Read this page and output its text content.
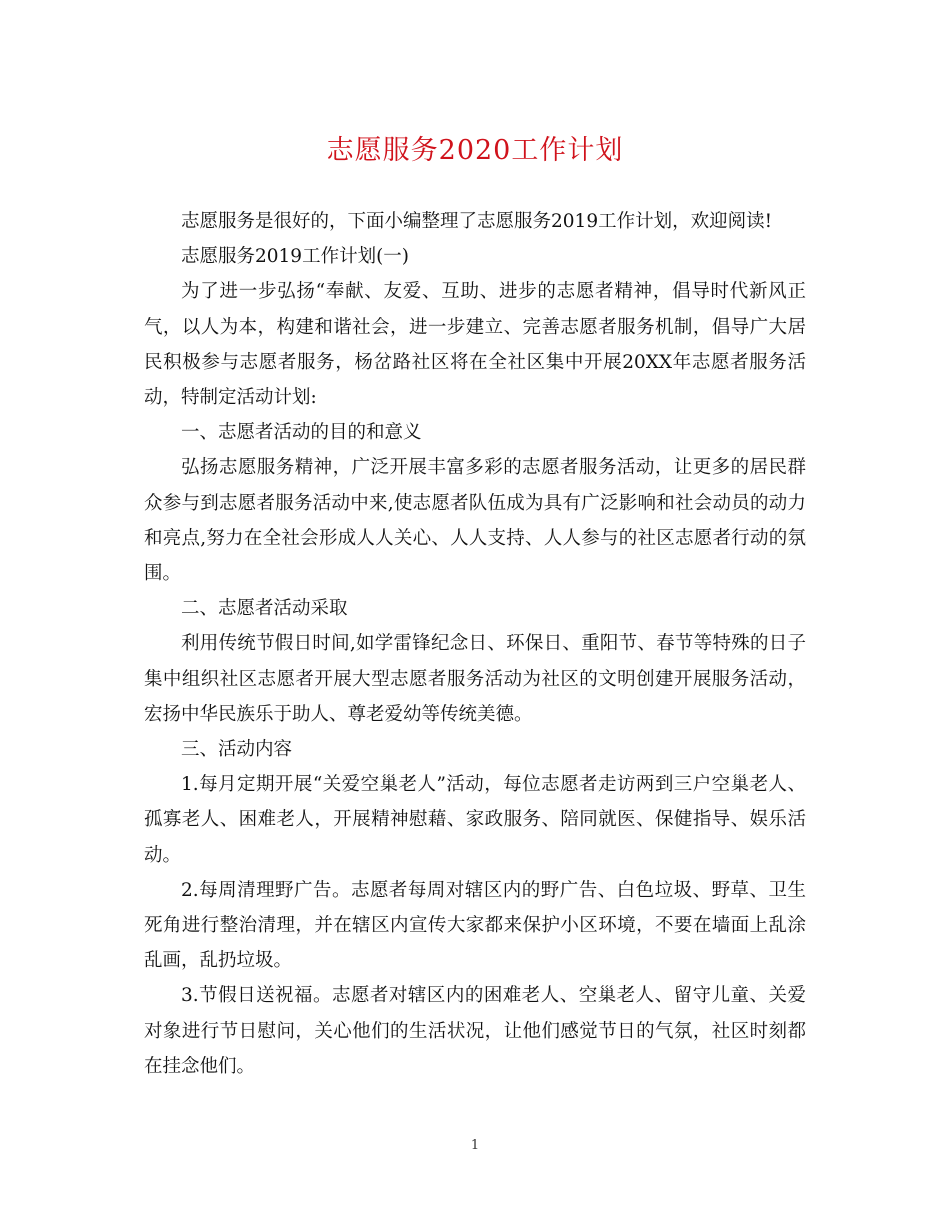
志愿服务2020工作计划

志愿服务是很好的，下面小编整理了志愿服务2019工作计划，欢迎阅读!

志愿服务2019工作计划(一)

为了进一步弘扬“奉献、友爱、互助、进步的志愿者精神，倡导时代新风正气，以人为本，构建和谐社会，进一步建立、完善志愿者服务机制，倡导广大居民积极参与志愿者服务，杨岔路社区将在全社区集中开展20XX年志愿者服务活动，特制定活动计划:

一、志愿者活动的目的和意义

弘扬志愿服务精神，广泛开展丰富多彩的志愿者服务活动，让更多的居民群众参与到志愿者服务活动中来,使志愿者队伍成为具有广泛影响和社会动员的动力和亮点,努力在全社会形成人人关心、人人支持、人人参与的社区志愿者行动的氛围。

二、志愿者活动采取

利用传统节假日时间,如学雷锋纪念日、环保日、重阳节、春节等特殊的日子集中组织社区志愿者开展大型志愿者服务活动为社区的文明创建开展服务活动，宏扬中华民族乐于助人、尊老爱幼等传统美德。

三、活动内容

1.每月定期开展“关爱空巢老人”活动，每位志愿者走访两到三户空巢老人、孤寡老人、困难老人，开展精神慰藉、家政服务、陪同就医、保健指导、娱乐活动。

2.每周清理野广告。志愿者每周对辖区内的野广告、白色垃圾、野草、卫生死角进行整治清理，并在辖区内宣传大家都来保护小区环境，不要在墙面上乱涂乱画，乱扔垃圾。

3.节假日送祝福。志愿者对辖区内的困难老人、空巢老人、留守儿童、关爱对象进行节日慰问，关心他们的生活状况，让他们感觉节日的气氛，社区时刻都在挂念他们。

1
